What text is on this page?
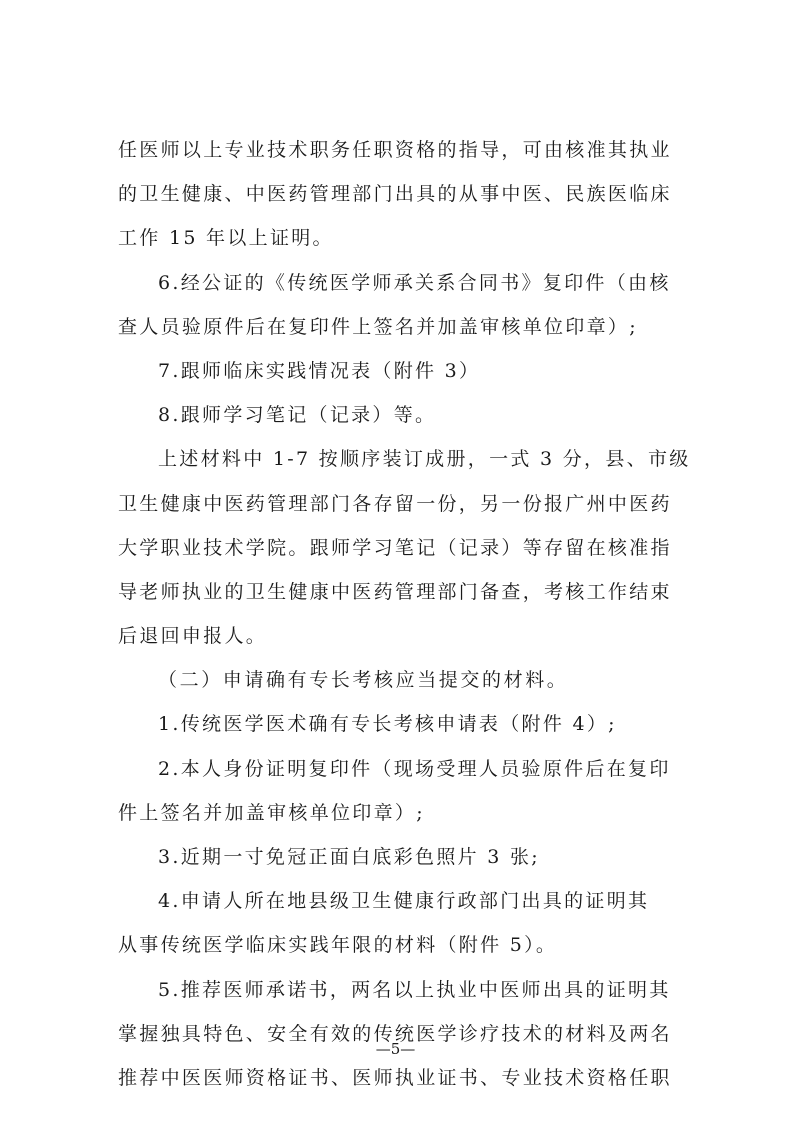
任医师以上专业技术职务任职资格的指导，可由核准其执业
的卫生健康、中医药管理部门出具的从事中医、民族医临床
工作 15 年以上证明。
6.经公证的《传统医学师承关系合同书》复印件（由核
查人员验原件后在复印件上签名并加盖审核单位印章）;
7.跟师临床实践情况表（附件 3）
8.跟师学习笔记（记录）等。
上述材料中 1-7 按顺序装订成册，一式 3 分，县、市级
卫生健康中医药管理部门各存留一份，另一份报广州中医药
大学职业技术学院。跟师学习笔记（记录）等存留在核准指
导老师执业的卫生健康中医药管理部门备查，考核工作结束
后退回申报人。
（二）申请确有专长考核应当提交的材料。
1.传统医学医术确有专长考核申请表（附件 4）;
2.本人身份证明复印件（现场受理人员验原件后在复印
件上签名并加盖审核单位印章）;
3.近期一寸免冠正面白底彩色照片 3 张;
4.申请人所在地县级卫生健康行政部门出具的证明其
从事传统医学临床实践年限的材料（附件 5）。
5.推荐医师承诺书，两名以上执业中医师出具的证明其
掌握独具特色、安全有效的传统医学诊疗技术的材料及两名
推荐中医医师资格证书、医师执业证书、专业技术资格任职
—5—
